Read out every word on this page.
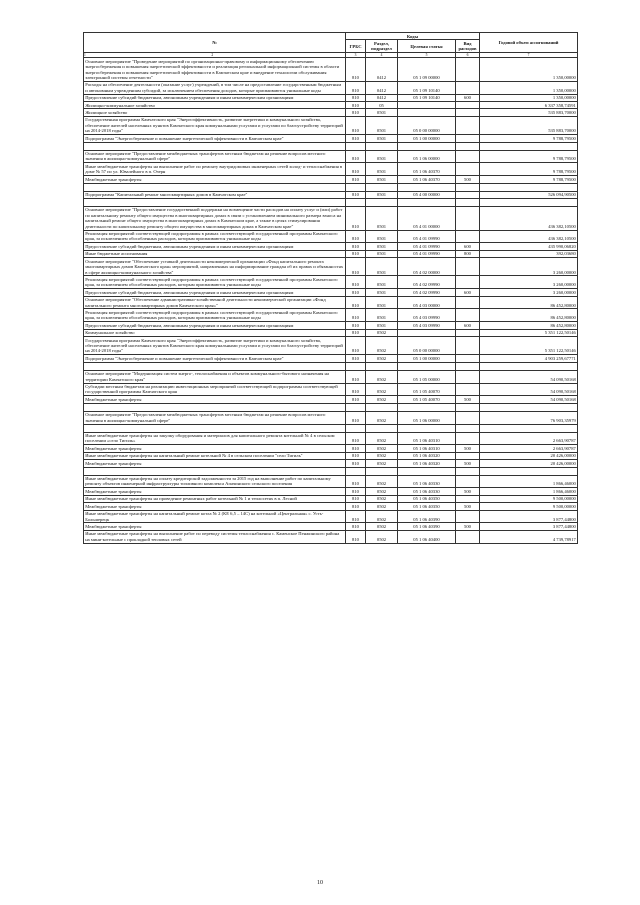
№	Коды				Годовой объем ассигнований
	ГРБС	Раздел, подраздел	Целевая статья	Вид расходов	
1 2	3	4	5	6	7
Основное мероприятие "Проведение мероприятий по организационно-правовому и информационному обеспечению энергосбережения и повышения энергетической эффективности и реализация региональной информационной системы в области энергосбережения и повышения энергетической эффективности в Камчатском крае и внедрение технологии обслуживания электронной системы отчетности"	810	0412	05 1 09 00000		1 350,00000
Расходы на обеспечение деятельности (оказание услуг) учреждений, в том числе на предоставление государственным бюджетным и автономным учреждениям субсидий, за исключением обеспечения доходов, которые присваиваются уникальные коды	810	0412	05 1 09 10140		1 350,00000
Предоставление субсидий бюджетным, автономным учреждениям и иным некоммерческим организациям	810	0412	05 1 09 10140	600	1 350,00000
Жилищно-коммунальное хозяйство	810	05			6 337 358,74591
Жилищное хозяйство	810	0501			535 883,70000
Государственная программа Камчатского края "Энергоэффективность, развитие энергетики и коммунального хозяйства, обеспечение жителей населенных пунктов Камчатского края коммунальными услугами и услугами по благоустройству территорий на 2014-2018 годы"	810	0501	05 0 00 00000		535 883,70000
Подпрограмма "Энергосбережение и повышение энергетической эффективности в Камчатском крае"	810	0501	05 1 00 00000		9 788,79500

Основное мероприятие "Предоставление межбюджетных трансфертов местным бюджетам на решение вопросов местного значения в жилищно-коммунальной сфере"	810	0501	05 1 06 00000		9 788,79500
Иные межбюджетные трансферты на выполнение работ по ремонту внутридомовых инженерных сетей холод- и теплоснабжения в доме № 57 по ул. Ювалейного в п. Озерн	810	0501	05 1 06 40370		9 788,79500
Межбюджетные трансферты	810	0501	05 1 06 40370	500	9 788,79500

Подпрограмма "Капитальный ремонт многоквартирных домов в Камчатском крае"	810	0501	05 4 00 00000		526 094,90500

Основное мероприятие "Предоставление государственной поддержки на возмещение части расходов на оплату услуг и (или) работ по капитальному ремонту общего имущества в многоквартирных домах в связи с установлением минимального размера взноса на капитальный ремонт общего имущества в многоквартирных домах в Камчатском крае, а также в целях стимулирования деятельности по капитальному ремонту общего имущества в многоквартирных домах в Камчатском крае"	810	0501	05 4 01 00000		436 382,10500
Реализация мероприятий соответствующей подпрограммы в рамках соответствующей государственной программы Камчатского края, за исключением обособленных расходов, которым присваиваются уникальные коды	810	0501	05 4 01 09990		436 382,10500
Предоставление субсидий бюджетным, автономным учреждениям и иным некоммерческим организациям	810	0501	05 4 01 09990	600	435 990,06820
Иные бюджетные ассигнования	810	0501	05 4 01 09990	800	392,03680
Основное мероприятие "Обеспечение уставной деятельности некоммерческой организации «Фонд капитального ремонта многоквартирных домов Камчатского края» мероприятий, направленных на информирование граждан об их правах и обязанностях в сфере жилищно-коммунального хозяйства"	810	0501	05 4 02 00000		3 260,00000
Реализация мероприятий соответствующей подпрограммы в рамках соответствующей государственной программы Камчатского края, за исключением обособленных расходов, которым присваиваются уникальные коды	810	0501	05 4 02 09990		3 260,00000
Предоставление субсидий бюджетным, автономным учреждениям и иным некоммерческим организациям	810	0501	05 4 02 09990	600	3 260,00000
Основное мероприятие "Обеспечение административно-хозяйственной деятельности некоммерческой организации «Фонд капитального ремонта многоквартирных домов Камчатского края»"	810	0501	05 4 03 00000		86 452,80000
Реализация мероприятий соответствующей подпрограммы в рамках соответствующей государственной программы Камчатского края, за исключением обособленных расходов, которым присваиваются уникальные коды	810	0501	05 4 03 09990		86 452,80000
Предоставление субсидий бюджетным, автономным учреждениям и иным некоммерческим организациям	810	0501	05 4 03 09990	600	86 452,80000
Коммунальное хозяйство	810	0502			5 351 122,50146
Государственная программа Камчатского края "Энергоэффективность, развитие энергетики и коммунального хозяйства, обеспечение жителей населенных пунктов Камчатского края коммунальными услугами и услугами по благоустройству территорий на 2014-2018 годы"	810	0502	05 0 00 00000		5 351 122,50146
Подпрограмма "Энергосбережение и повышение энергетической эффективности в Камчатском крае"	810	0502	05 1 00 00000		4 903 259,67771

Основное мероприятие "Модернизация систем энерго-, теплоснабжения и объектов коммунального-бытового назначения на территории Камчатского края"	810	0502	05 1 05 00000		54 090,50168
Субсидии местным бюджетам на реализацию инвестиционных мероприятий соответствующей подпрограммы соответствующей государственной программы Камчатского края	810	0502	05 1 05 40070		54 090,50168
Межбюджетные трансферты	810	0502	05 1 05 40070	500	54 090,50168

Основное мероприятие "Предоставление межбюджетных трансфертов местным бюджетам на решение вопросов местного значения в жилищно-коммунальной сфере"	810	0502	05 1 06 00000		76 903,35979

Иные межбюджетные трансферты на закупку оборудования и материалов для капитального ремонта котельной № 4 в сельском поселении «село Тигиль»	810	0502	05 1 06 40310		2 663,90787
Межбюджетные трансферты	810	0502	05 1 06 40310	500	2 663,90787
Иные межбюджетные трансферты на капитальный ремонт котельной № 4 в сельском поселении "село Тигиль"	810	0502	05 1 06 40320		20 426,00000
Межбюджетные трансферты	810	0502	05 1 06 40320	500	20 426,00000

Иные межбюджетные трансферты на оплату кредиторской задолженности за 2015 год на выполнение работ по капитальному ремонту объектов инженерной инфраструктуры топливного комплекса Апачинского сельского поселения	810	0502	05 1 06 40330		1 866,46000
Межбюджетные трансферты	810	0502	05 1 06 40330	500	1 866,46000
Иные межбюджетные трансферты на проведение ремонтных работ котельной № 1 и теплосетях в п. Лесной	810	0502	05 1 06 40350		9 500,00000
Межбюджетные трансферты	810	0502	05 1 06 40350	500	9 500,00000
Иные межбюджетные трансферты на капитальный ремонт котла № 2 (КЕ 6,5 – 14С) на котельной «Центральная» с. Усть-Большерецк	810	0502	05 1 06 40390		3 877,44800
Межбюджетные трансферты	810	0502	05 1 06 40390	500	3 877,44800
Иные межбюджетные трансферты на выполнение работ по переводу системы теплоснабжения с. Каменское Пенжинского района на мини-котельные с прокладкой тепловых сетей	810	0502	05 1 06 40400		4 739,78917
10
